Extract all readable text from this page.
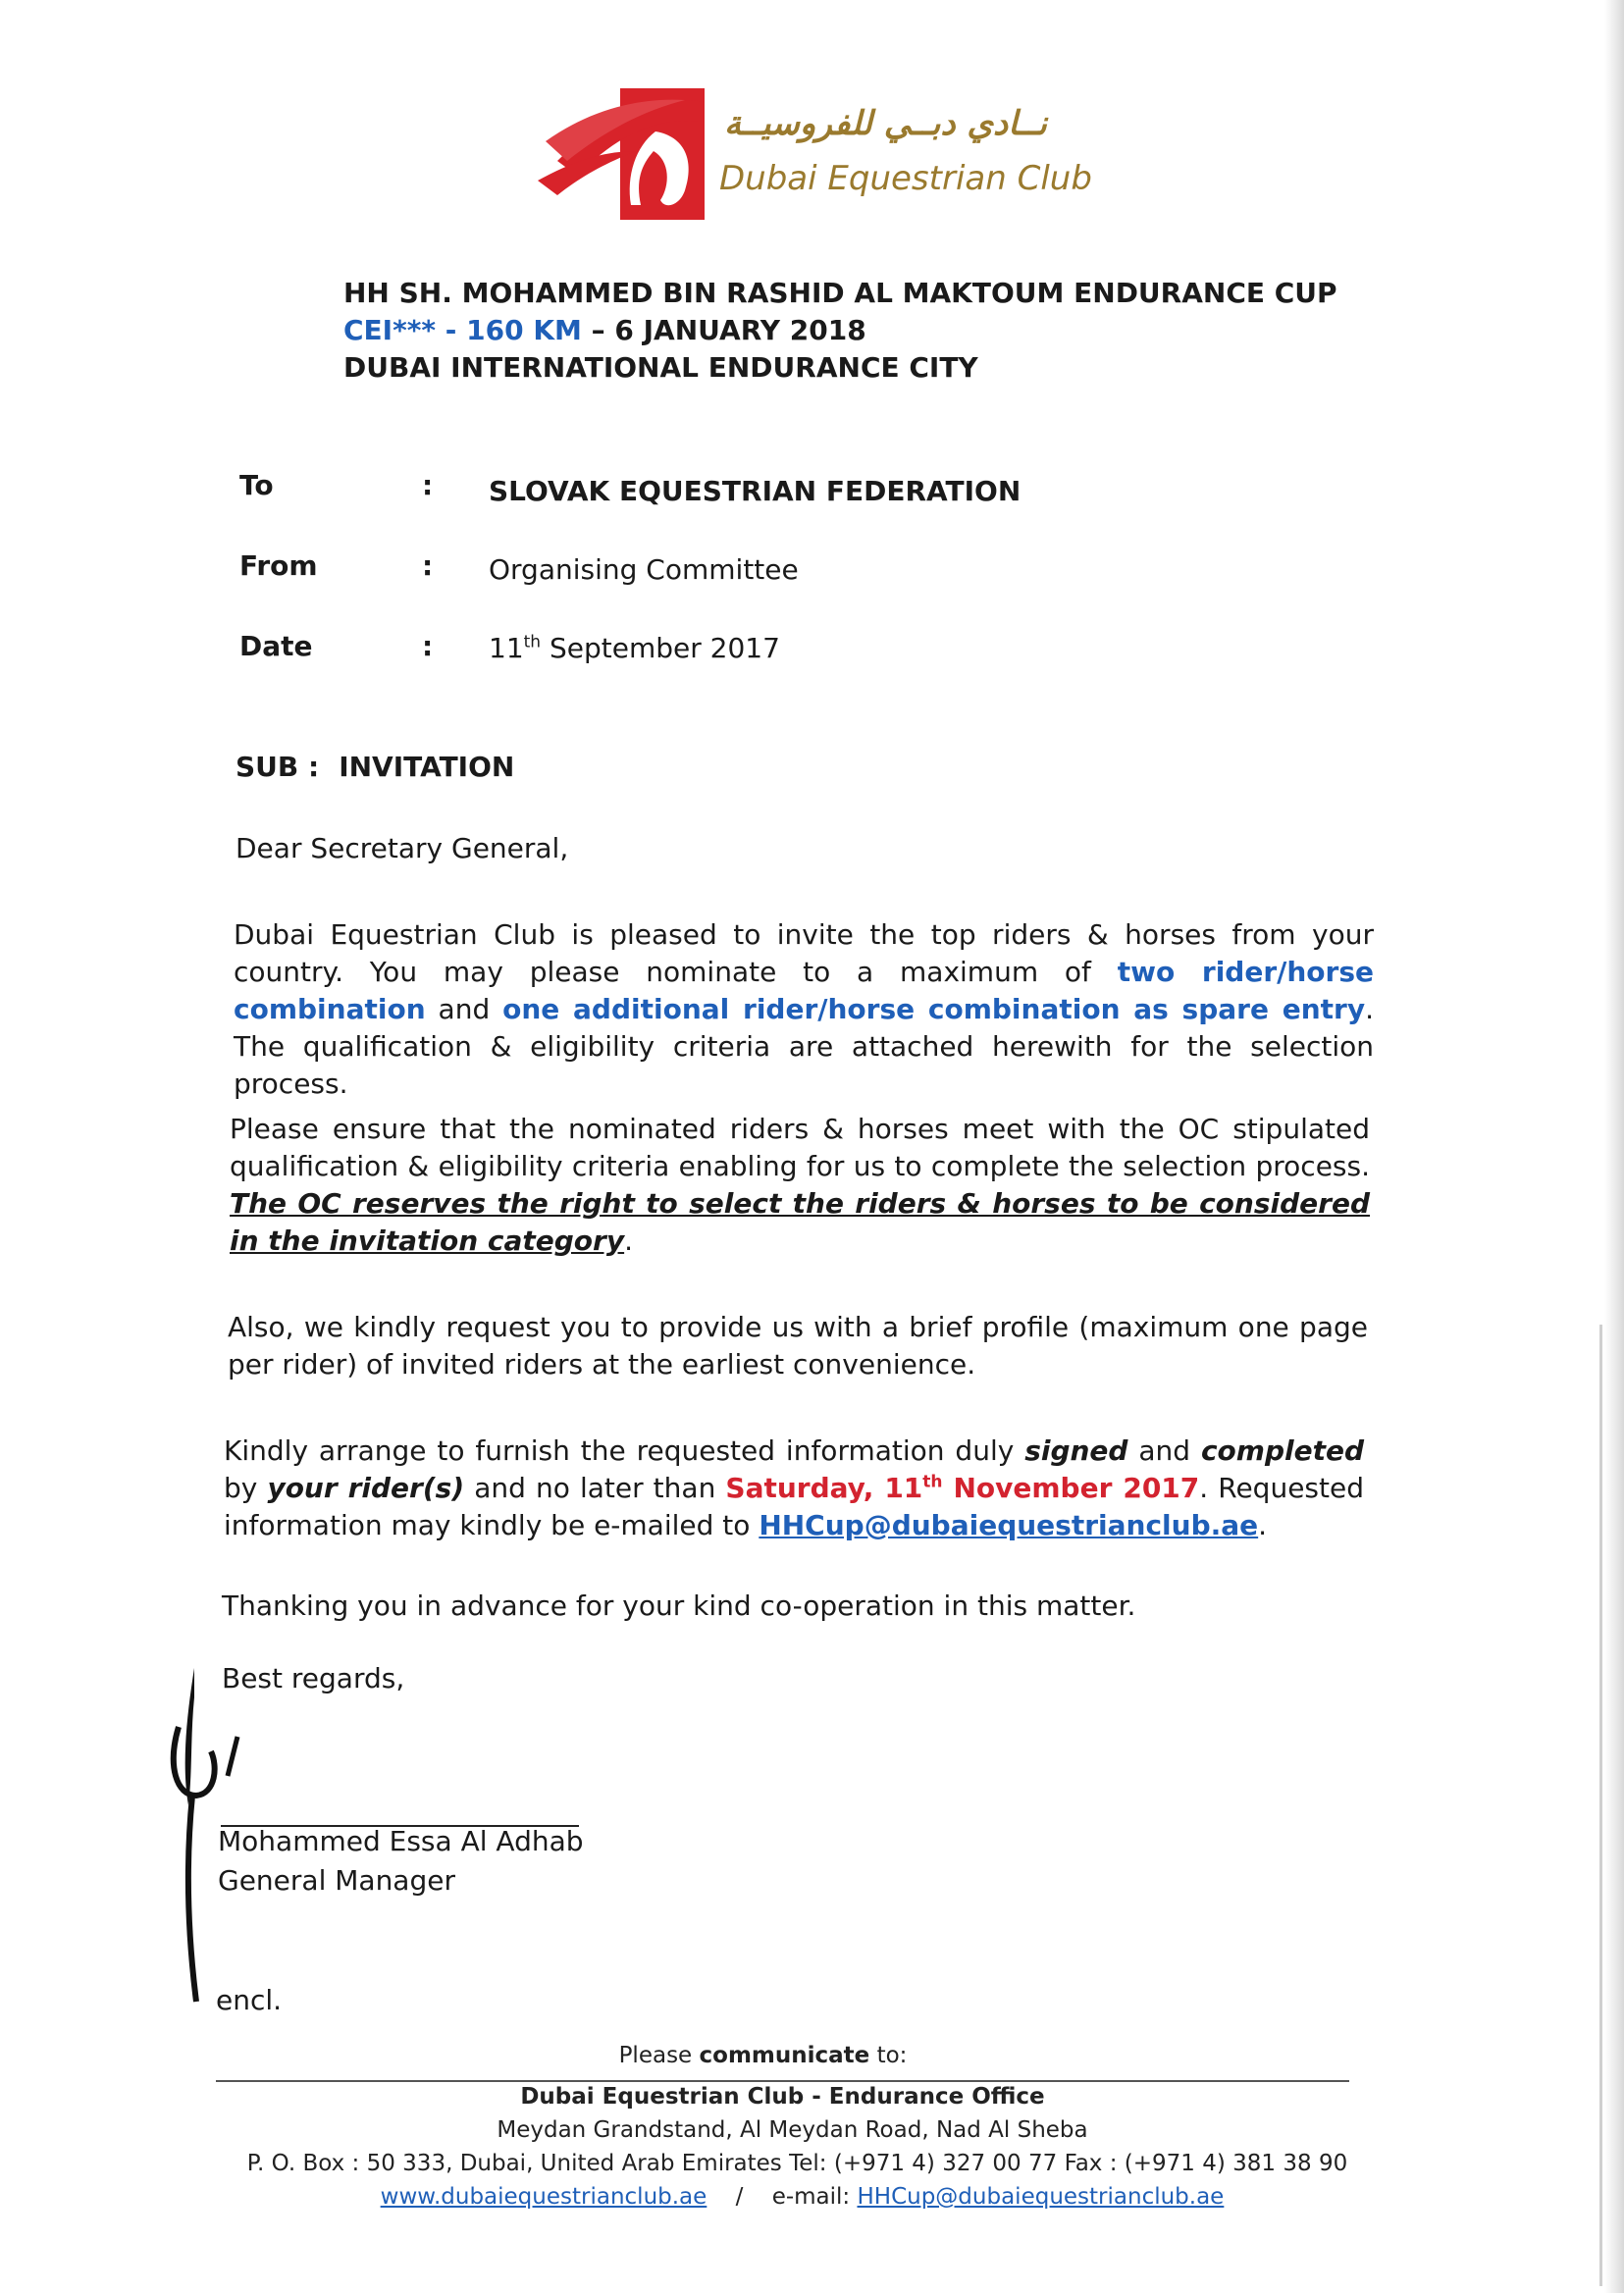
نــادي دبــي للفروسيــة
Dubai Equestrian Club
HH SH. MOHAMMED BIN RASHID AL MAKTOUM ENDURANCE CUP
CEI*** - 160 KM – 6 JANUARY 2018
DUBAI INTERNATIONAL ENDURANCE CITY
To	: SLOVAK EQUESTRIAN FEDERATION
From	: Organising Committee
Date	: 11th September 2017
SUB : INVITATION
Dear Secretary General,

Dubai Equestrian Club is pleased to invite the top riders & horses from your country. You may please nominate to a maximum of two rider/horse combination and one additional rider/horse combination as spare entry. The qualification & eligibility criteria are attached herewith for the selection process.

Please ensure that the nominated riders & horses meet with the OC stipulated qualification & eligibility criteria enabling for us to complete the selection process. The OC reserves the right to select the riders & horses to be considered in the invitation category.

Also, we kindly request you to provide us with a brief profile (maximum one page per rider) of invited riders at the earliest convenience.

Kindly arrange to furnish the requested information duly signed and completed by your rider(s) and no later than Saturday, 11th November 2017. Requested information may kindly be e-mailed to HHCup@dubaiequestrianclub.ae.

Thanking you in advance for your kind co-operation in this matter.
Best regards,
Mohammed Essa Al Adhab
General Manager
encl.
Please communicate to:
Dubai Equestrian Club - Endurance Office
Meydan Grandstand, Al Meydan Road, Nad Al Sheba
P. O. Box : 50 333, Dubai, United Arab Emirates Tel: (+971 4) 327 00 77 Fax : (+971 4) 381 38 90
www.dubaiequestrianclub.ae / e-mail: HHCup@dubaiequestrianclub.ae
